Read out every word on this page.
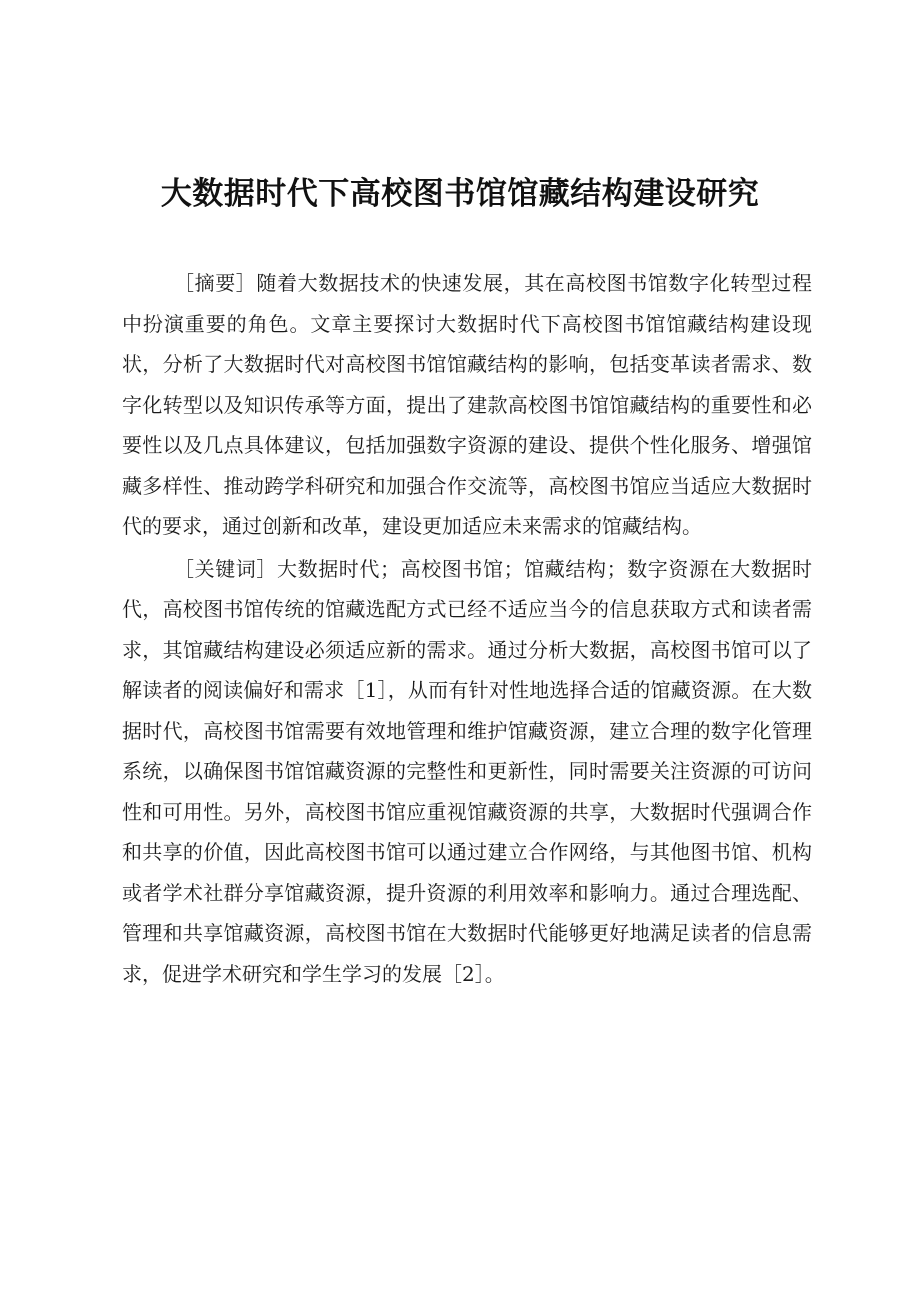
大数据时代下高校图书馆馆藏结构建设研究

［摘要］随着大数据技术的快速发展，其在高校图书馆数字化转型过程中扮演重要的角色。文章主要探讨大数据时代下高校图书馆馆藏结构建设现状，分析了大数据时代对高校图书馆馆藏结构的影响，包括变革读者需求、数字化转型以及知识传承等方面，提出了建款高校图书馆馆藏结构的重要性和必要性以及几点具体建议，包括加强数字资源的建设、提供个性化服务、增强馆藏多样性、推动跨学科研究和加强合作交流等，高校图书馆应当适应大数据时代的要求，通过创新和改革，建设更加适应未来需求的馆藏结构。

［关键词］大数据时代；高校图书馆；馆藏结构；数字资源在大数据时代，高校图书馆传统的馆藏选配方式已经不适应当今的信息获取方式和读者需求，其馆藏结构建设必须适应新的需求。通过分析大数据，高校图书馆可以了解读者的阅读偏好和需求［1］，从而有针对性地选择合适的馆藏资源。在大数据时代，高校图书馆需要有效地管理和维护馆藏资源，建立合理的数字化管理系统，以确保图书馆馆藏资源的完整性和更新性，同时需要关注资源的可访问性和可用性。另外，高校图书馆应重视馆藏资源的共享，大数据时代强调合作和共享的价值，因此高校图书馆可以通过建立合作网络，与其他图书馆、机构或者学术社群分享馆藏资源，提升资源的利用效率和影响力。通过合理选配、管理和共享馆藏资源，高校图书馆在大数据时代能够更好地满足读者的信息需求，促进学术研究和学生学习的发展［2］。
